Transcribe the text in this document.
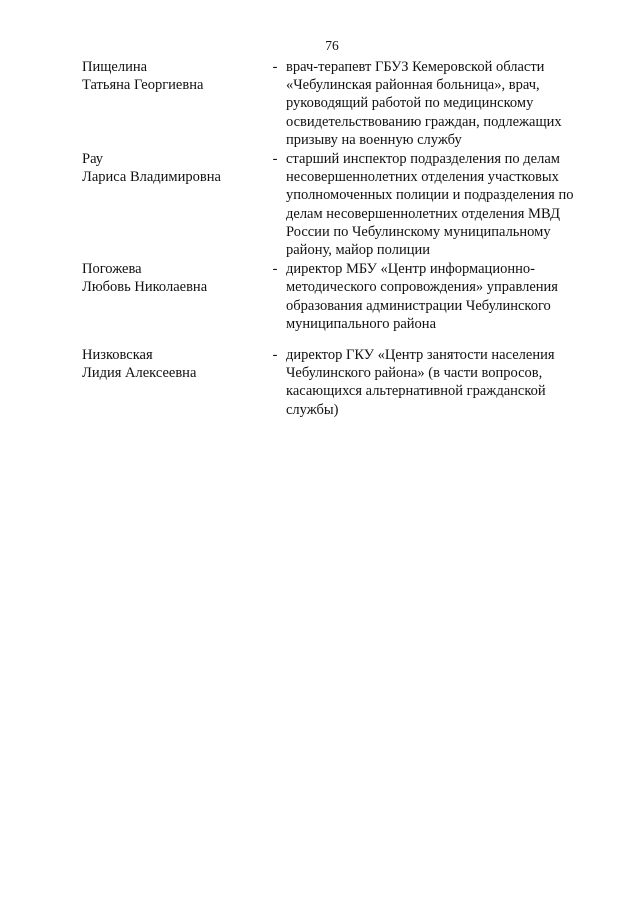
76
Пищелина
Татьяна Георгиевна
- врач-терапевт ГБУЗ Кемеровской области
«Чебулинская районная больница», врач,
руководящий работой по медицинскому
освидетельствованию граждан, подлежащих
призыву на военную службу
Рау
Лариса Владимировна
- старший инспектор подразделения по делам
несовершеннолетних отделения участковых
уполномоченных полиции и подразделения по
делам несовершеннолетних отделения МВД
России по Чебулинскому муниципальному
району, майор полиции
Погожева
Любовь Николаевна
- директор МБУ «Центр информационно-
методического сопровождения» управления
образования администрации Чебулинского
муниципального района
Низковская
Лидия Алексеевна
- директор ГКУ «Центр занятости населения
Чебулинского района» (в части вопросов,
касающихся альтернативной гражданской
службы)
